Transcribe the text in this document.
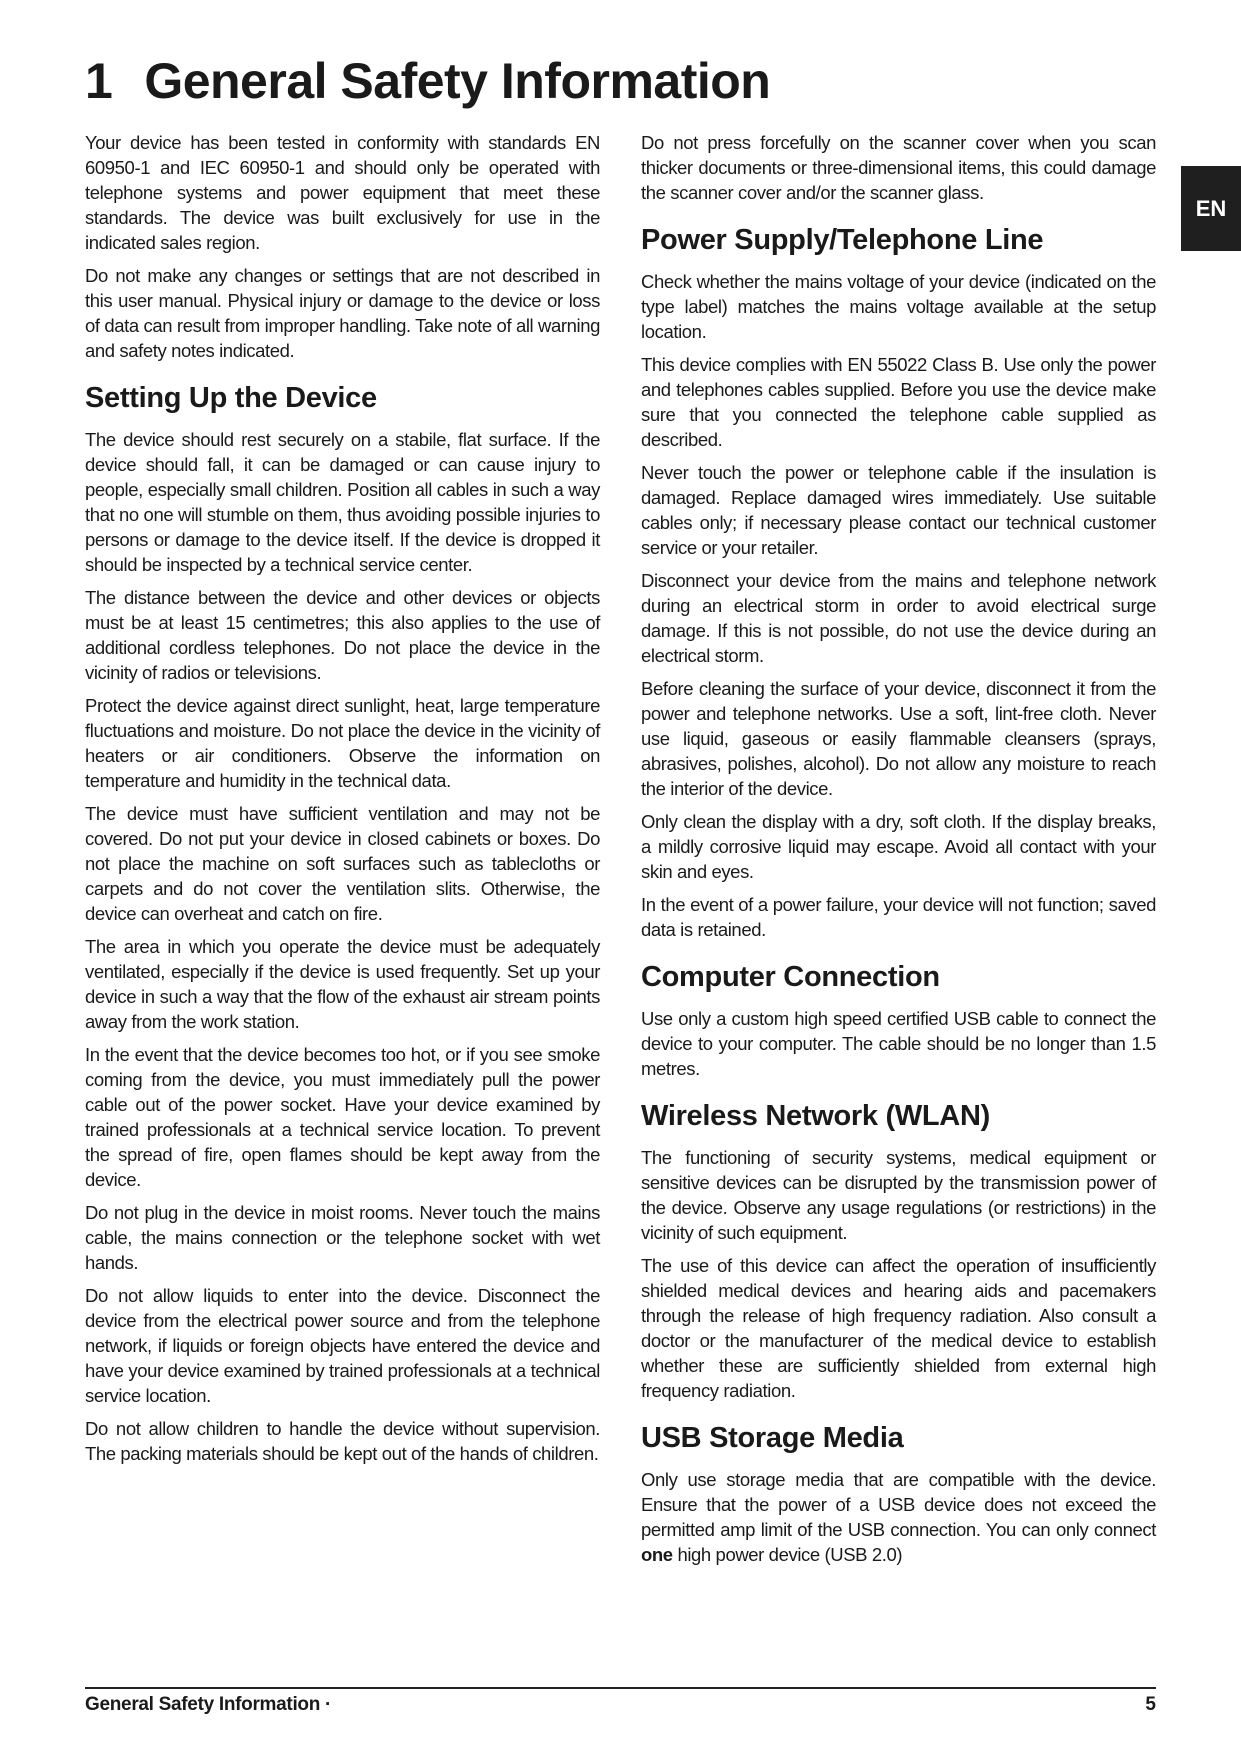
1 General Safety Information
EN

Your device has been tested in conformity with standards EN 60950-1 and IEC 60950-1 and should only be operated with telephone systems and power equipment that meet these standards. The device was built exclusively for use in the indicated sales region.

Do not make any changes or settings that are not described in this user manual. Physical injury or damage to the device or loss of data can result from improper handling. Take note of all warning and safety notes indicated.

Setting Up the Device

The device should rest securely on a stabile, flat surface. If the device should fall, it can be damaged or can cause injury to people, especially small children. Position all cables in such a way that no one will stumble on them, thus avoiding possible injuries to persons or damage to the device itself. If the device is dropped it should be inspected by a technical service center.

The distance between the device and other devices or objects must be at least 15 centimetres; this also applies to the use of additional cordless telephones. Do not place the device in the vicinity of radios or televisions.

Protect the device against direct sunlight, heat, large temperature fluctuations and moisture. Do not place the device in the vicinity of heaters or air conditioners. Observe the information on temperature and humidity in the technical data.

The device must have sufficient ventilation and may not be covered. Do not put your device in closed cabinets or boxes. Do not place the machine on soft surfaces such as tablecloths or carpets and do not cover the ventilation slits. Otherwise, the device can overheat and catch on fire.

The area in which you operate the device must be adequately ventilated, especially if the device is used frequently. Set up your device in such a way that the flow of the exhaust air stream points away from the work station.

In the event that the device becomes too hot, or if you see smoke coming from the device, you must immediately pull the power cable out of the power socket. Have your device examined by trained professionals at a technical service location. To prevent the spread of fire, open flames should be kept away from the device.

Do not plug in the device in moist rooms. Never touch the mains cable, the mains connection or the telephone socket with wet hands.

Do not allow liquids to enter into the device. Disconnect the device from the electrical power source and from the telephone network, if liquids or foreign objects have entered the device and have your device examined by trained professionals at a technical service location.

Do not allow children to handle the device without supervision. The packing materials should be kept out of the hands of children.

Do not press forcefully on the scanner cover when you scan thicker documents or three-dimensional items, this could damage the scanner cover and/or the scanner glass.

Power Supply/Telephone Line

Check whether the mains voltage of your device (indicated on the type label) matches the mains voltage available at the setup location.

This device complies with EN 55022 Class B. Use only the power and telephones cables supplied. Before you use the device make sure that you connected the telephone cable supplied as described.

Never touch the power or telephone cable if the insulation is damaged. Replace damaged wires immediately. Use suitable cables only; if necessary please contact our technical customer service or your retailer.

Disconnect your device from the mains and telephone network during an electrical storm in order to avoid electrical surge damage. If this is not possible, do not use the device during an electrical storm.

Before cleaning the surface of your device, disconnect it from the power and telephone networks. Use a soft, lint-free cloth. Never use liquid, gaseous or easily flammable cleansers (sprays, abrasives, polishes, alcohol). Do not allow any moisture to reach the interior of the device.

Only clean the display with a dry, soft cloth. If the display breaks, a mildly corrosive liquid may escape. Avoid all contact with your skin and eyes.

In the event of a power failure, your device will not function; saved data is retained.

Computer Connection

Use only a custom high speed certified USB cable to connect the device to your computer. The cable should be no longer than 1.5 metres.

Wireless Network (WLAN)

The functioning of security systems, medical equipment or sensitive devices can be disrupted by the transmission power of the device. Observe any usage regulations (or restrictions) in the vicinity of such equipment.

The use of this device can affect the operation of insufficiently shielded medical devices and hearing aids and pacemakers through the release of high frequency radiation. Also consult a doctor or the manufacturer of the medical device to establish whether these are sufficiently shielded from external high frequency radiation.

USB Storage Media

Only use storage media that are compatible with the device. Ensure that the power of a USB device does not exceed the permitted amp limit of the USB connection. You can only connect one high power device (USB 2.0)

General Safety Information ·	5
